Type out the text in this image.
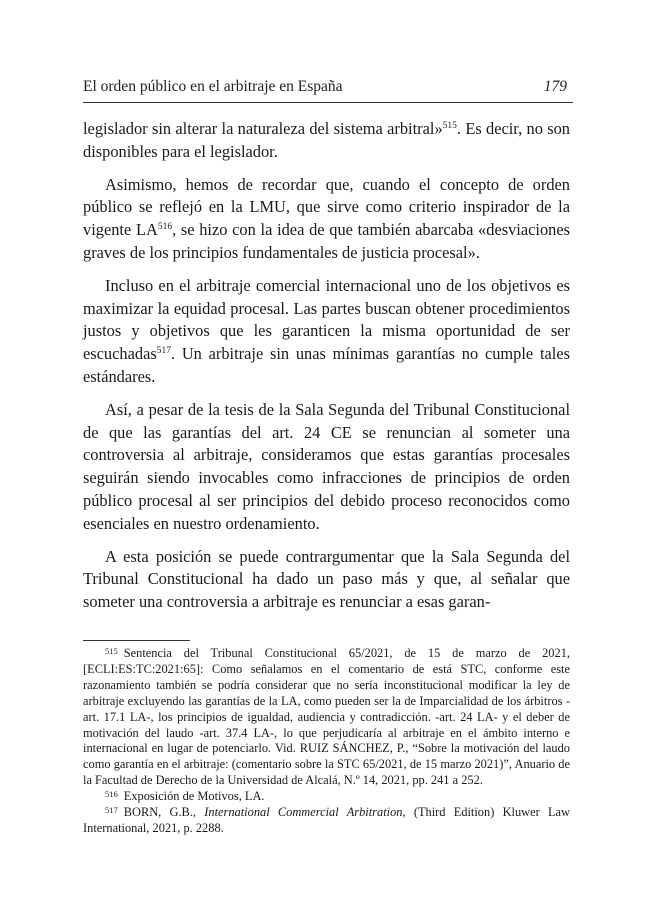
El orden público en el arbitraje en España	179

legislador sin alterar la naturaleza del sistema arbitral»$^{515}$. Es decir, no son disponibles para el legislador.

Asimismo, hemos de recordar que, cuando el concepto de orden público se reflejó en la LMU, que sirve como criterio inspirador de la vigente LA$^{516}$, se hizo con la idea de que también abarcaba «desviaciones graves de los principios fundamentales de justicia procesal».

Incluso en el arbitraje comercial internacional uno de los objetivos es maximizar la equidad procesal. Las partes buscan obtener procedimientos justos y objetivos que les garanticen la misma oportunidad de ser escuchadas$^{517}$. Un arbitraje sin unas mínimas garantías no cumple tales estándares.

Así, a pesar de la tesis de la Sala Segunda del Tribunal Constitucional de que las garantías del art. 24 CE se renuncian al someter una controversia al arbitraje, consideramos que estas garantías procesales seguirán siendo invocables como infracciones de principios de orden público procesal al ser principios del debido proceso reconocidos como esenciales en nuestro ordenamiento.

A esta posición se puede contrargumentar que la Sala Segunda del Tribunal Constitucional ha dado un paso más y que, al señalar que someter una controversia a arbitraje es renunciar a esas garan-

$^{515}$ Sentencia del Tribunal Constitucional 65/2021, de 15 de marzo de 2021, [ECLI:ES:TC:2021:65]: Como señalamos en el comentario de está STC, conforme este razonamiento también se podría considerar que no sería inconstitucional modificar la ley de arbitraje excluyendo las garantías de la LA, como pueden ser la de Imparcialidad de los árbitros -art. 17.1 LA-, los principios de igualdad, audiencia y contradicción. -art. 24 LA- y el deber de motivación del laudo -art. 37.4 LA-, lo que perjudicaría al arbitraje en el ámbito interno e internacional en lugar de potenciarlo. Vid. RUIZ SÁNCHEZ, P., “Sobre la motivación del laudo como garantía en el arbitraje: (comentario sobre la STC 65/2021, de 15 marzo 2021)”, Anuario de la Facultad de Derecho de la Universidad de Alcalá, N.º 14, 2021, pp. 241 a 252.

$^{516}$ Exposición de Motivos, LA.

$^{517}$ BORN, G.B., International Commercial Arbitration, (Third Edition) Kluwer Law International, 2021, p. 2288.
